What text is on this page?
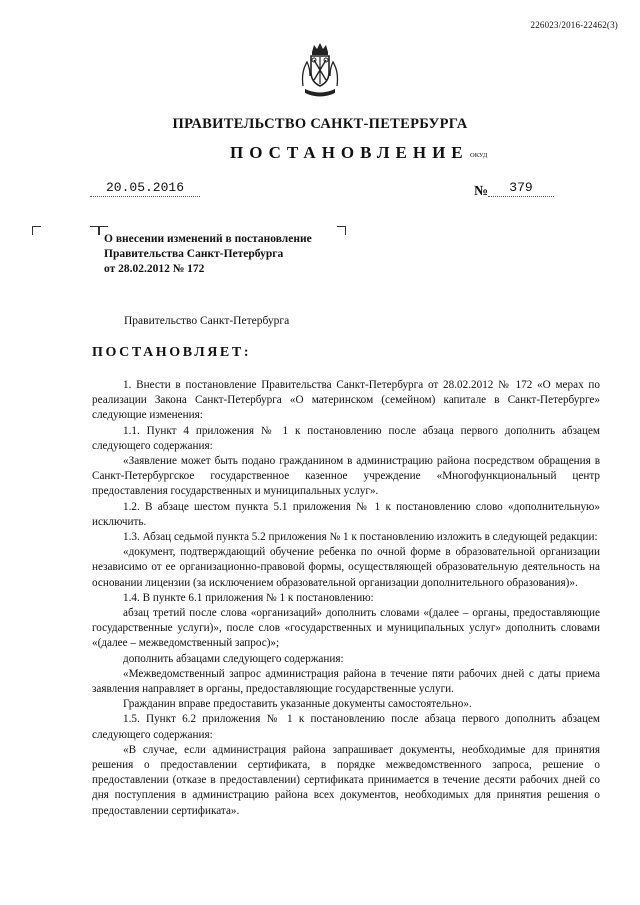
226023/2016-22462(3)
ПРАВИТЕЛЬСТВО САНКТ-ПЕТЕРБУРГА
ПОСТАНОВЛЕНИЕ ОКУД
20.05.2016	№	379
О внесении изменений в постановление
Правительства Санкт-Петербурга
от 28.02.2012 № 172
Правительство Санкт-Петербурга
ПОСТАНОВЛЯЕТ:

1. Внести в постановление Правительства Санкт-Петербурга от 28.02.2012 № 172 «О мерах по реализации Закона Санкт-Петербурга «О материнском (семейном) капитале в Санкт-Петербурге» следующие изменения:

1.1. Пункт 4 приложения № 1 к постановлению после абзаца первого дополнить абзацем следующего содержания:

«Заявление может быть подано гражданином в администрацию района посредством обращения в Санкт-Петербургское государственное казенное учреждение «Многофункциональный центр предоставления государственных и муниципальных услуг».

1.2. В абзаце шестом пункта 5.1 приложения № 1 к постановлению слово «дополнительную» исключить.

1.3. Абзац седьмой пункта 5.2 приложения № 1 к постановлению изложить в следующей редакции:

«документ, подтверждающий обучение ребенка по очной форме в образовательной организации независимо от ее организационно-правовой формы, осуществляющей образовательную деятельность на основании лицензии (за исключением образовательной организации дополнительного образования)».

1.4. В пункте 6.1 приложения № 1 к постановлению:

абзац третий после слова «организаций» дополнить словами «(далее – органы, предоставляющие государственные услуги)», после слов «государственных и муниципальных услуг» дополнить словами «(далее – межведомственный запрос)»;

дополнить абзацами следующего содержания:

«Межведомственный запрос администрация района в течение пяти рабочих дней с даты приема заявления направляет в органы, предоставляющие государственные услуги.

Гражданин вправе предоставить указанные документы самостоятельно».

1.5. Пункт 6.2 приложения № 1 к постановлению после абзаца первого дополнить абзацем следующего содержания:

«В случае, если администрация района запрашивает документы, необходимые для принятия решения о предоставлении сертификата, в порядке межведомственного запроса, решение о предоставлении (отказе в предоставлении) сертификата принимается в течение десяти рабочих дней со дня поступления в администрацию района всех документов, необходимых для принятия решения о предоставлении сертификата».
